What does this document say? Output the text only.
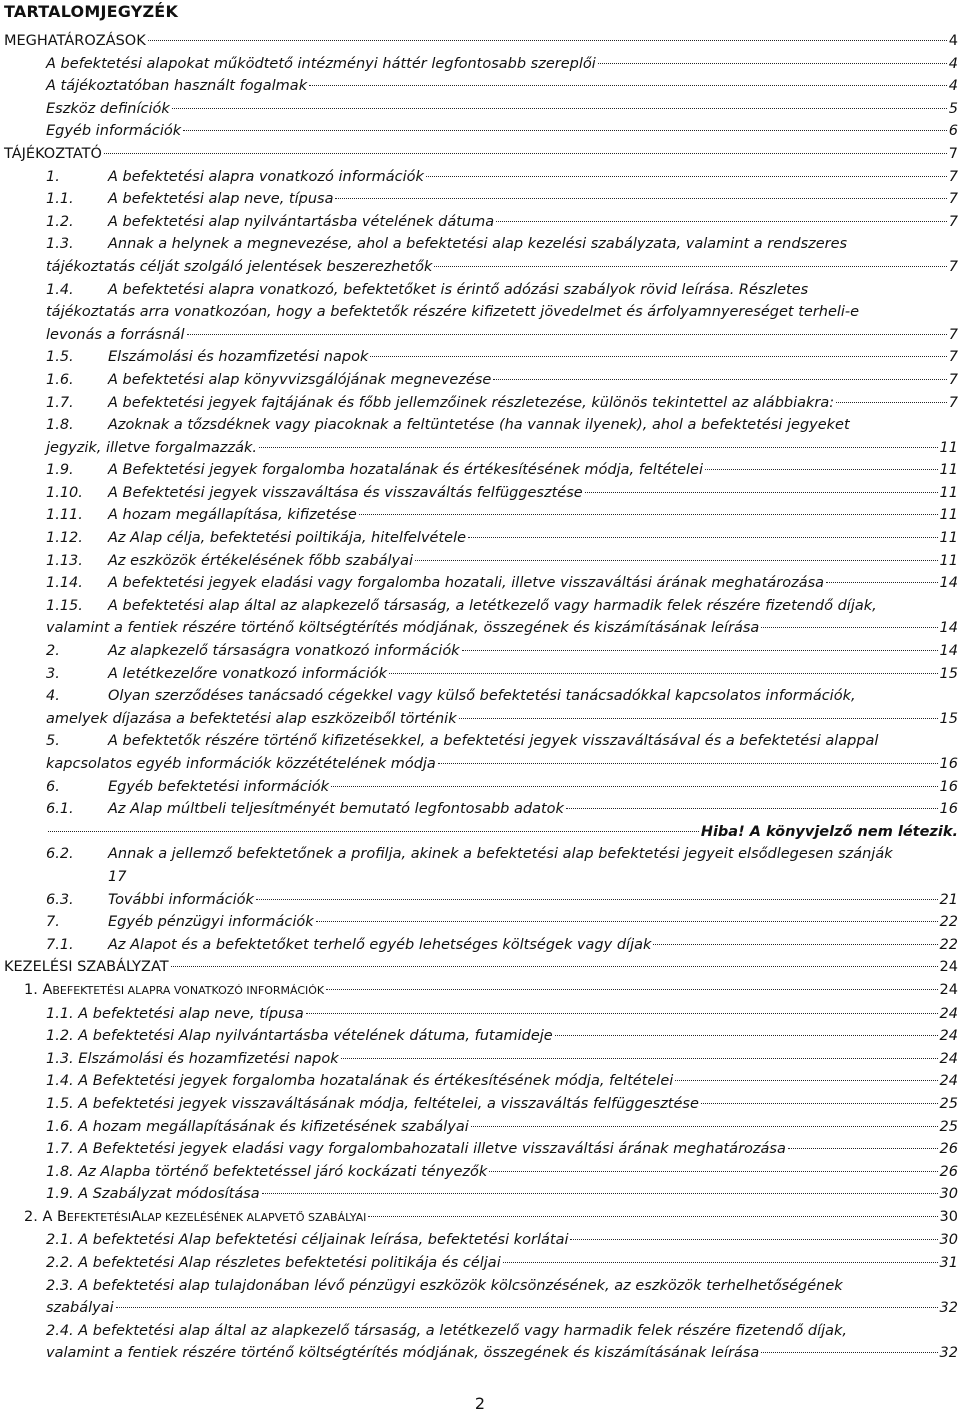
TARTALOMJEGYZÉK
MEGHATÁROZÁSOK	4
A befektetési alapokat működtető intézményi háttér legfontosabb szereplői	4
A tájékoztatóban használt fogalmak	4
Eszköz definíciók	5
Egyéb információk	6
TÁJÉKOZTATÓ	7
1.	A befektetési alapra vonatkozó információk	7
1.1.	A befektetési alap neve, típusa	7
1.2.	A befektetési alap nyilvántartásba vételének dátuma	7
1.3. Annak a helynek a megnevezése, ahol a befektetési alap kezelési szabályzata, valamint a rendszeres
tájékoztatás célját szolgáló jelentések beszerezhetők	7
1.4. A befektetési alapra vonatkozó, befektetőket is érintő adózási szabályok rövid leírása. Részletes
tájékoztatás arra vonatkozóan, hogy a befektetők részére kifizetett jövedelmet és árfolyamnyereséget terheli-e
levonás a forrásnál	7
1.5.	Elszámolási és hozamfizetési napok	7
1.6.	A befektetési alap könyvvizsgálójának megnevezése	7
1.7.	A befektetési jegyek fajtájának és főbb jellemzőinek részletezése, különös tekintettel az alábbiakra:	7
1.8. Azoknak a tőzsdéknek vagy piacoknak a feltüntetése (ha vannak ilyenek), ahol a befektetési jegyeket
jegyzik, illetve forgalmazzák.	11
1.9.	A Befektetési jegyek forgalomba hozatalának és értékesítésének módja, feltételei	11
1.10.	A Befektetési jegyek visszaváltása és visszaváltás felfüggesztése	11
1.11.	A hozam megállapítása, kifizetése	11
1.12.	Az Alap célja, befektetési poiltikája, hitelfelvétele	11
1.13.	Az eszközök értékelésének főbb szabályai	11
1.14.	A befektetési jegyek eladási vagy forgalomba hozatali, illetve visszaváltási árának meghatározása	14
1.15. A befektetési alap által az alapkezelő társaság, a letétkezelő vagy harmadik felek részére fizetendő díjak,
valamint a fentiek részére történő költségtérítés módjának, összegének és kiszámításának leírása	14
2.	Az alapkezelő társaságra vonatkozó információk	14
3.	A letétkezelőre vonatkozó információk	15
4.	Olyan szerződéses tanácsadó cégekkel vagy külső befektetési tanácsadókkal kapcsolatos információk,
amelyek díjazása a befektetési alap eszközeiből történik	15
5.	A befektetők részére történő kifizetésekkel, a befektetési jegyek visszaváltásával és a befektetési alappal
kapcsolatos egyéb információk közzétételének módja	16
6.	Egyéb befektetési információk	16
6.1.	Az Alap múltbeli teljesítményét bemutató legfontosabb adatok	16
Hiba! A könyvjelző nem létezik.
6.2. Annak a jellemző befektetőnek a profilja, akinek a befektetési alap befektetési jegyeit elsődlegesen szánják
17
6.3.	További információk	21
7.	Egyéb pénzügyi információk	22
7.1.	Az Alapot és a befektetőket terhelő egyéb lehetséges költségek vagy díjak	22
KEZELÉSI SZABÁLYZAT	24
1. A BEFEKTETÉSI ALAPRA VONATKOZÓ INFORMÁCIÓK	24
1.1. A befektetési alap neve, típusa	24
1.2. A befektetési Alap nyilvántartásba vételének dátuma, futamideje	24
1.3. Elszámolási és hozamfizetési napok	24
1.4. A Befektetési jegyek forgalomba hozatalának és értékesítésének módja, feltételei	24
1.5. A befektetési jegyek visszaváltásának módja, feltételei, a visszaváltás felfüggesztése	25
1.6. A hozam megállapításának és kifizetésének szabályai	25
1.7. A Befektetési jegyek eladási vagy forgalombahozatali illetve visszaváltási árának meghatározása	26
1.8. Az Alapba történő befektetéssel járó kockázati tényezők	26
1.9. A Szabályzat módosítása	30
2. A B EFEKTETÉSI A LAP KEZELÉSÉNEK ALAPVETŐ SZABÁLYAI	30
2.1. A befektetési Alap befektetési céljainak leírása, befektetési korlátai	30
2.2. A befektetési Alap részletes befektetési politikája és céljai	31
2.3. A befektetési alap tulajdonában lévő pénzügyi eszközök kölcsönzésének, az eszközök terhelhetőségének
szabályai	32
2.4. A befektetési alap által az alapkezelő társaság, a letétkezelő vagy harmadik felek részére fizetendő díjak,
valamint a fentiek részére történő költségtérítés módjának, összegének és kiszámításának leírása	32
2
